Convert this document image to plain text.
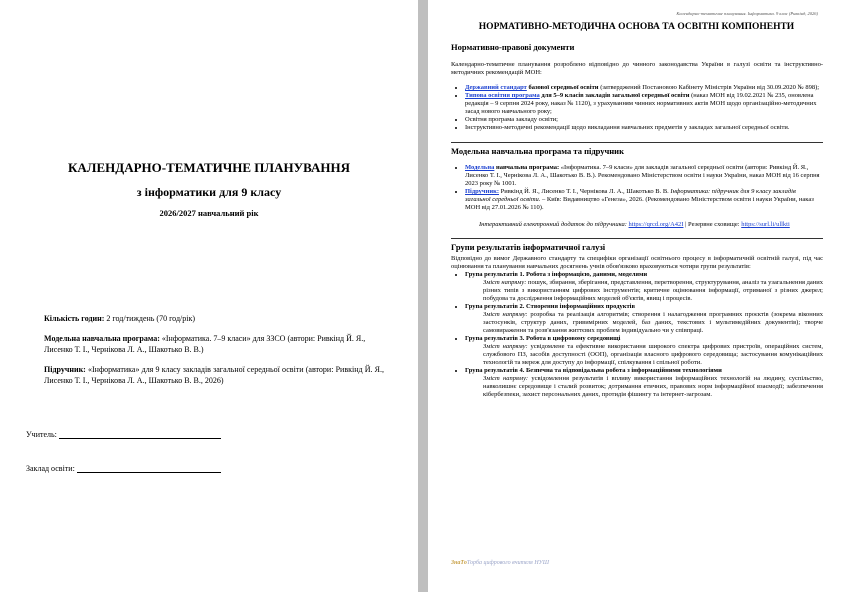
КАЛЕНДАРНО-ТЕМАТИЧНЕ ПЛАНУВАННЯ
з інформатики для 9 класу
2026/2027 навчальний рік
Кількість годин: 2 год/тиждень (70 год/рік)
Модельна навчальна програма: «Інформатика. 7–9 класи» для ЗЗСО (автори: Ривкінд Й. Я., Лисенко Т. І., Чернікова Л. А., Шакотько В. В.)
Підручник: «Інформатика» для 9 класу закладів загальної середньої освіти (автори: Ривкінд Й. Я., Лисенко Т. І., Чернікова Л. А., Шакотько В. В., 2026)
Учитель:
Заклад освіти:
Календарно-тематичне планування. Інформатика. 9 клас (Ривкінд, 2026)
НОРМАТИВНО-МЕТОДИЧНА ОСНОВА ТА ОСВІТНІ КОМПОНЕНТИ
Нормативно-правові документи
Календарно-тематичне планування розроблено відповідно до чинного законодавства України в галузі освіти та інструктивно-методичних рекомендацій МОН:
• Державний стандарт базової середньої освіти (затверджений Постановою Кабінету Міністрів України від 30.09.2020 № 898);
• Типова освітня програма для 5–9 класів закладів загальної середньої освіти (наказ МОН від 19.02.2021 № 235, оновлена редакція – 9 серпня 2024 року, наказ № 1120), з урахуванням чинних нормативних актів МОН щодо організаційно-методичних засад нового навчального року;
• Освітня програма закладу освіти;
• Інструктивно-методичні рекомендації щодо викладання навчальних предметів у закладах загальної середньої освіти.
Модельна навчальна програма та підручник
• Модельна навчальна програма: «Інформатика. 7–9 класи» для закладів загальної середньої освіти (автори: Ривкінд Й. Я., Лисенко Т. І., Чернікова Л. А., Шакотько В. В.). Рекомендовано Міністерством освіти і науки України, наказ МОН від 16 серпня 2023 року № 1001.
• Підручник: Ривкінд Й. Я., Лисенко Т. І., Чернікова Л. А., Шакотько В. В. Інформатика: підручник для 9 класу закладів загальної середньої освіти. – Київ: Видавництво «Генеза», 2026. (Рекомендовано Міністерством освіти і науки України, наказ МОН від 27.01.2026 № 110).
Інтерактивний електронний додаток до підручника: https://qrcd.org/A42I | Резервне сховище: https://surl.li/ullkti
Групи результатів інформатичної галузі
Відповідно до вимог Державного стандарту та специфіки організації освітнього процесу в інформатичній освітній галузі, під час оцінювання та планування навчальних досягнень учнів обов'язково враховуються чотири групи результатів:
• Група результатів 1. Робота з інформацією, даними, моделями
Зміст напряму: пошук, збирання, зберігання, представлення, перетворення, структурування, аналіз та узагальнення даних різних типів з використанням цифрових інструментів; критичне оцінювання інформації, отриманої з різних джерел; побудова та дослідження інформаційних моделей об'єктів, явищ і процесів.
• Група результатів 2. Створення інформаційних продуктів
Зміст напряму: розробка та реалізація алгоритмів; створення і налагодження програмних проєктів (зокрема віконних застосунків, структур даних, гривимірних моделей, баз даних, текстових і мультимедійних документів); творче самовираження та розв'язання життєвих проблем індивідуально чи у співпраці.
• Група результатів 3. Робота в цифровому середовищі
Зміст напряму: усвідомлене та ефективне використання широкого спектра цифрових пристроїв, операційних систем, службового ПЗ, засобів доступності (ООП), організація власного цифрового середовища; застосування комунікаційних технологій та мереж для доступу до інформації, спілкування і спільної роботи.
• Група результатів 4. Безпечна та відповідальна робота з інформаційними технологіями
Зміст напряму: усвідомлення результатів і впливу використання інформаційних технологій на людину, суспільство, навколишнє середовище і сталий розвиток; дотримання етичних, правових норм інформаційної взаємодії; забезпечення кібербезпеки, захист персональних даних, протидія фішингу та інтернет-загрозам.
ЗнаТоТорба цифрового вчителя НУШ
